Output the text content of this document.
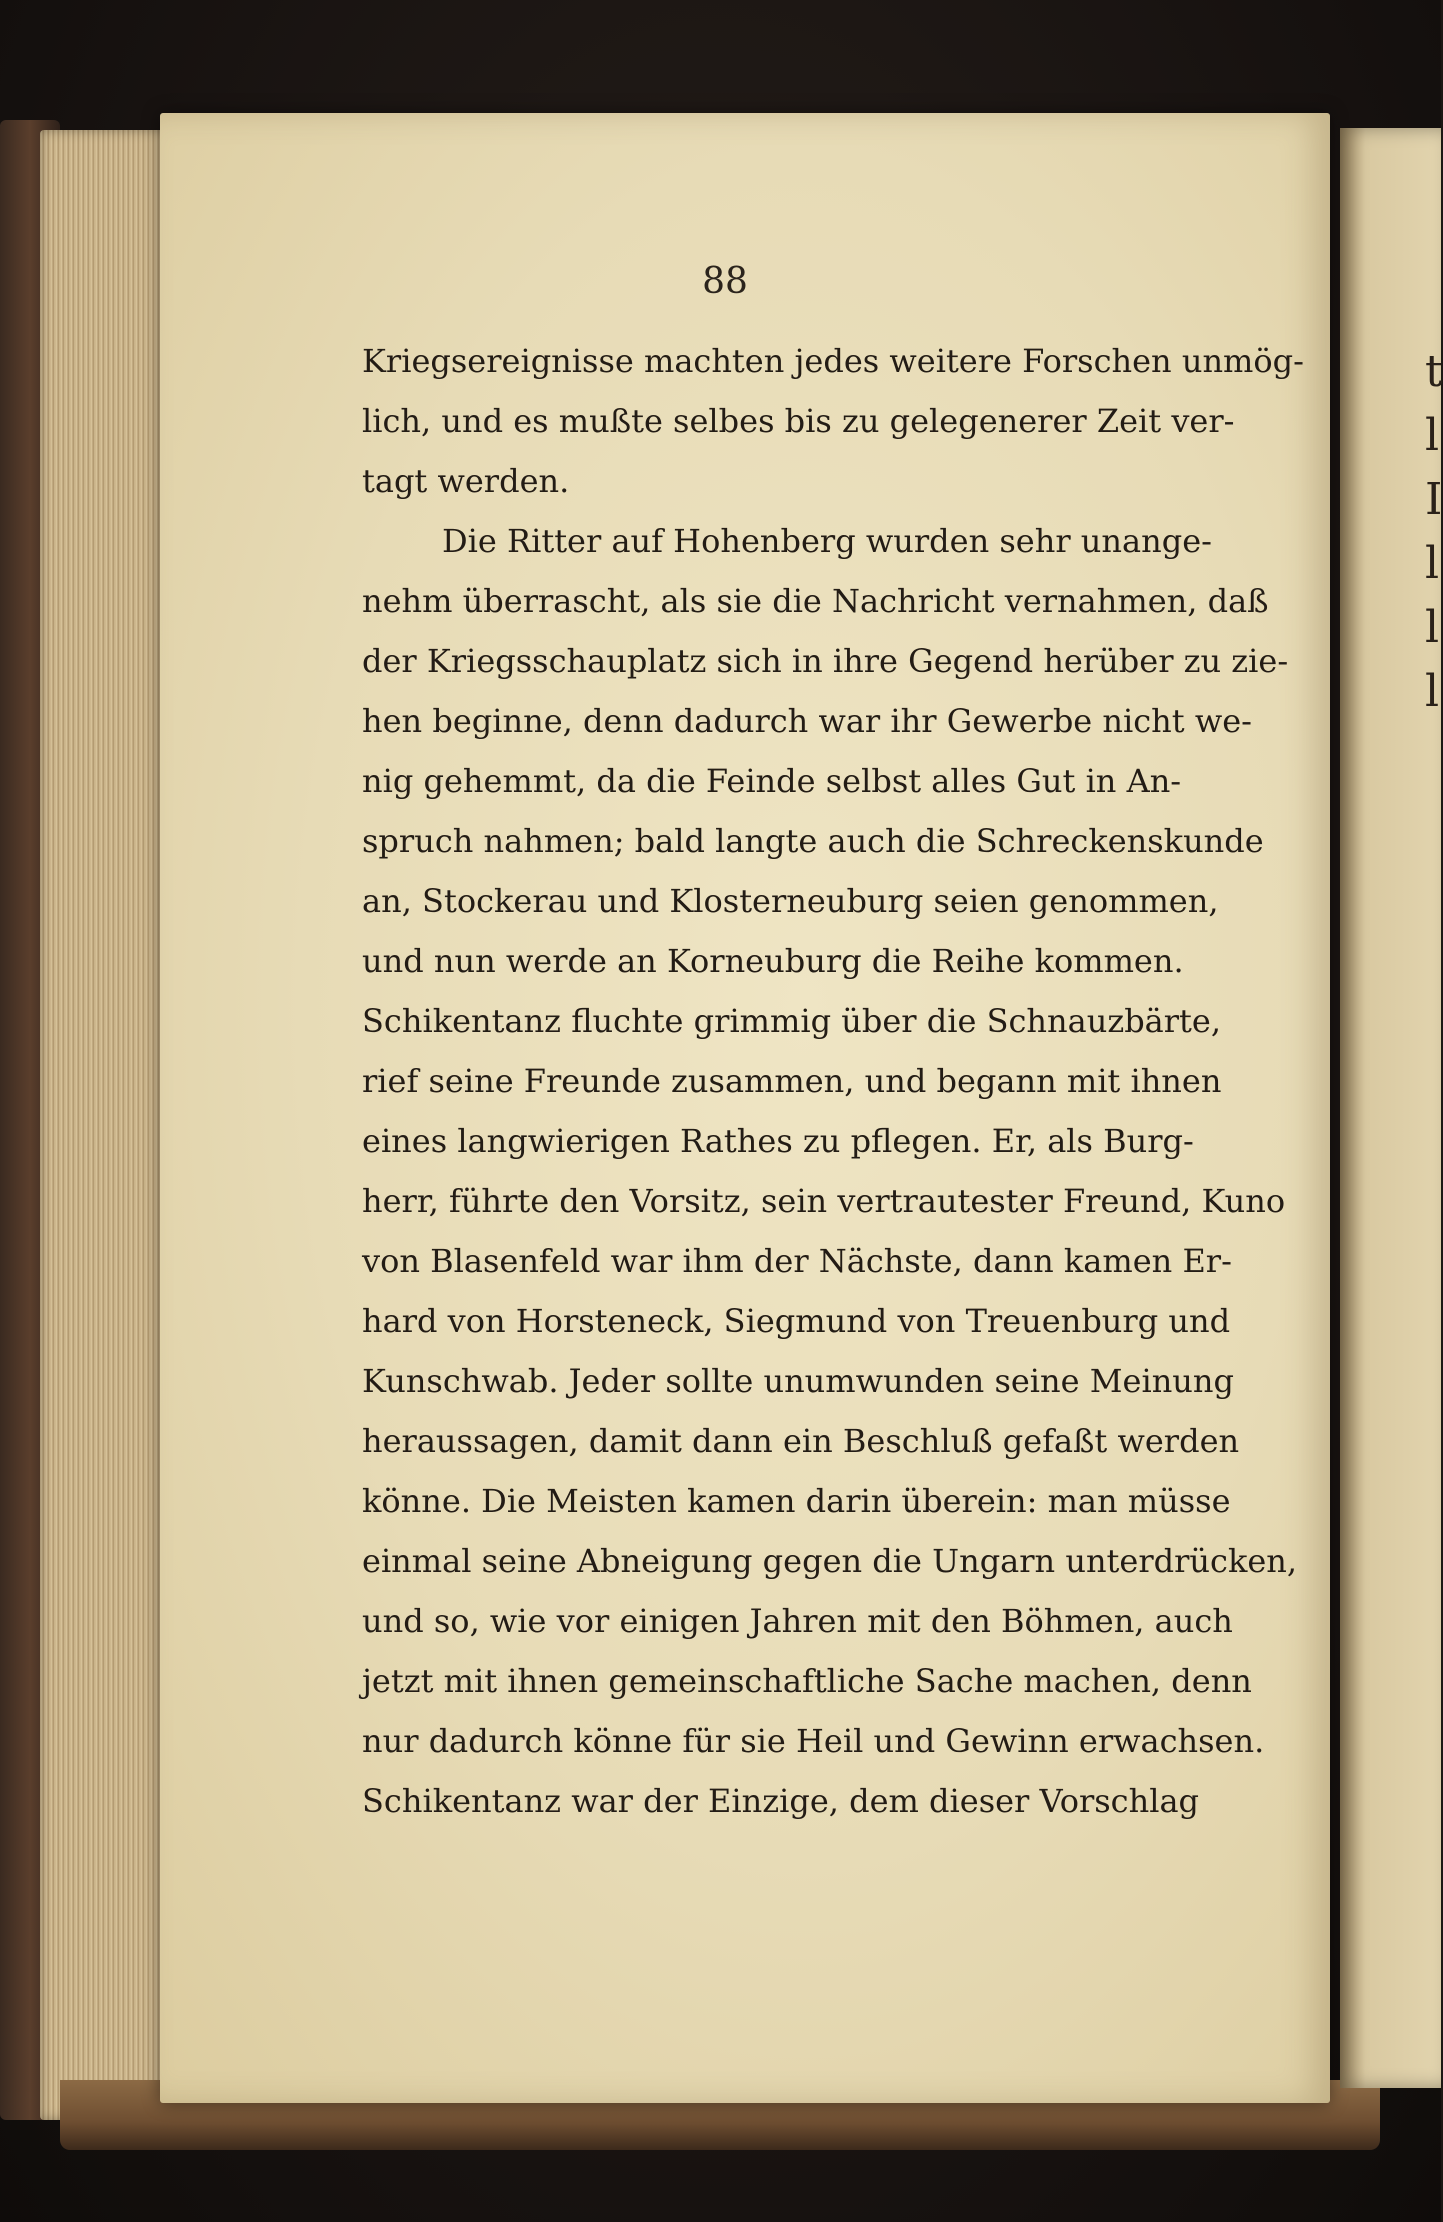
t
l
I
l
l
l
88
Kriegsereignisse machten jedes weitere Forschen unmög-
lich, und es mußte selbes bis zu gelegenerer Zeit ver-
tagt werden.
Die Ritter auf Hohenberg wurden sehr unange-
nehm überrascht, als sie die Nachricht vernahmen, daß
der Kriegsschauplatz sich in ihre Gegend herüber zu zie-
hen beginne, denn dadurch war ihr Gewerbe nicht we-
nig gehemmt, da die Feinde selbst alles Gut in An-
spruch nahmen; bald langte auch die Schreckenskunde
an, Stockerau und Klosterneuburg seien genommen,
und nun werde an Korneuburg die Reihe kommen.
Schikentanz fluchte grimmig über die Schnauzbärte,
rief seine Freunde zusammen, und begann mit ihnen
eines langwierigen Rathes zu pflegen. Er, als Burg-
herr, führte den Vorsitz, sein vertrautester Freund, Kuno
von Blasenfeld war ihm der Nächste, dann kamen Er-
hard von Horsteneck, Siegmund von Treuenburg und
Kunschwab. Jeder sollte unumwunden seine Meinung
heraussagen, damit dann ein Beschluß gefaßt werden
könne. Die Meisten kamen darin überein: man müsse
einmal seine Abneigung gegen die Ungarn unterdrücken,
und so, wie vor einigen Jahren mit den Böhmen, auch
jetzt mit ihnen gemeinschaftliche Sache machen, denn
nur dadurch könne für sie Heil und Gewinn erwachsen.
Schikentanz war der Einzige, dem dieser Vorschlag
